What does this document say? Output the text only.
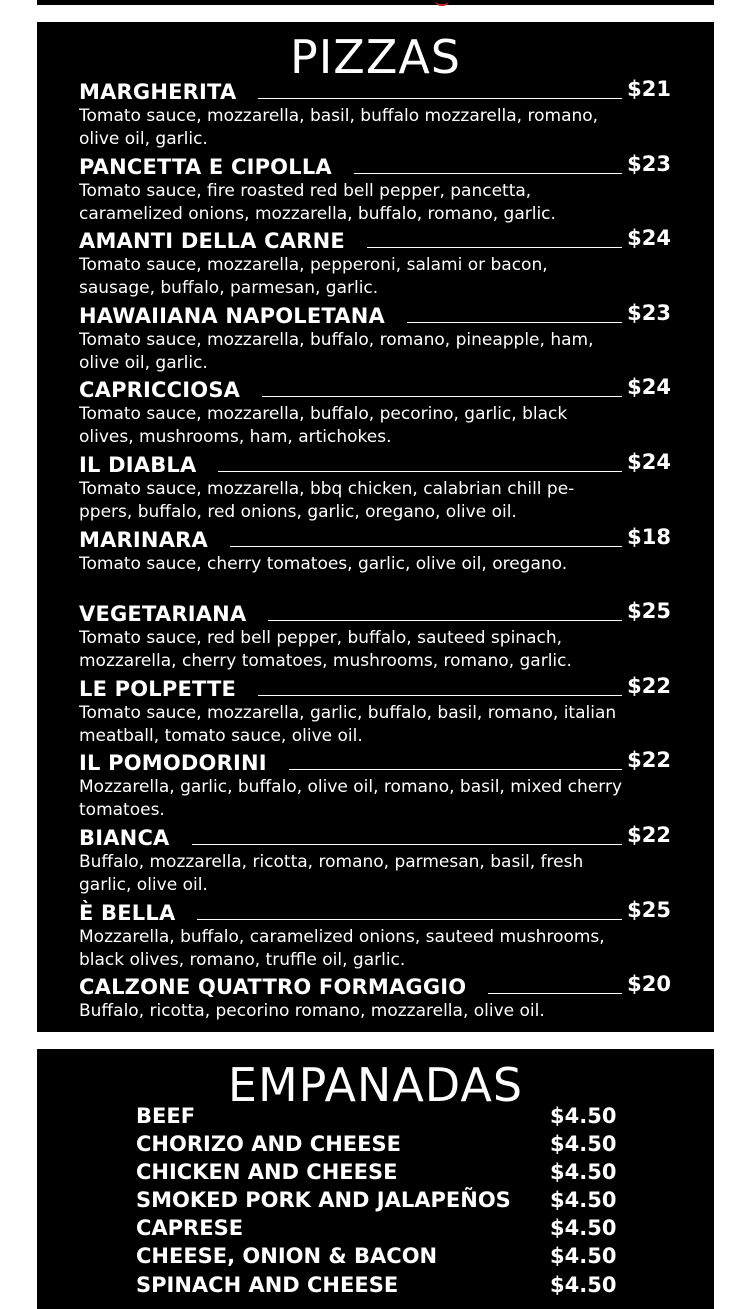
PIZZAS
MARGHERITA	$21
Tomato sauce, mozzarella, basil, buffalo mozzarella, romano, olive oil, garlic.
PANCETTA E CIPOLLA	$23
Tomato sauce, fire roasted red bell pepper, pancetta, caramelized onions, mozzarella, buffalo, romano, garlic.
AMANTI DELLA CARNE	$24
Tomato sauce, mozzarella, pepperoni, salami or bacon, sausage, buffalo, parmesan, garlic.
HAWAIIANA NAPOLETANA	$23
Tomato sauce, mozzarella, buffalo, romano, pineapple, ham, olive oil, garlic.
CAPRICCIOSA	$24
Tomato sauce, mozzarella, buffalo, pecorino, garlic, black olives, mushrooms, ham, artichokes.
IL DIABLA	$24
Tomato sauce, mozzarella, bbq chicken, calabrian chill pe-ppers, buffalo, red onions, garlic, oregano, olive oil.
MARINARA	$18
Tomato sauce, cherry tomatoes, garlic, olive oil, oregano.
VEGETARIANA	$25
Tomato sauce, red bell pepper, buffalo, sauteed spinach, mozzarella, cherry tomatoes, mushrooms, romano, garlic.
LE POLPETTE	$22
Tomato sauce, mozzarella, garlic, buffalo, basil, romano, italian meatball, tomato sauce, olive oil.
IL POMODORINI	$22
Mozzarella, garlic, buffalo, olive oil, romano, basil, mixed cherry tomatoes.
BIANCA	$22
Buffalo, mozzarella, ricotta, romano, parmesan, basil, fresh garlic, olive oil.
È BELLA	$25
Mozzarella, buffalo, caramelized onions, sauteed mushrooms, black olives, romano, truffle oil, garlic.
CALZONE QUATTRO FORMAGGIO	$20
Buffalo, ricotta, pecorino romano, mozzarella, olive oil.
EMPANADAS
BEEF	$4.50
CHORIZO AND CHEESE	$4.50
CHICKEN AND CHEESE	$4.50
SMOKED PORK AND JALAPEÑOS $4.50
CAPRESE	$4.50
CHEESE, ONION & BACON	$4.50
SPINACH AND CHEESE	$4.50
